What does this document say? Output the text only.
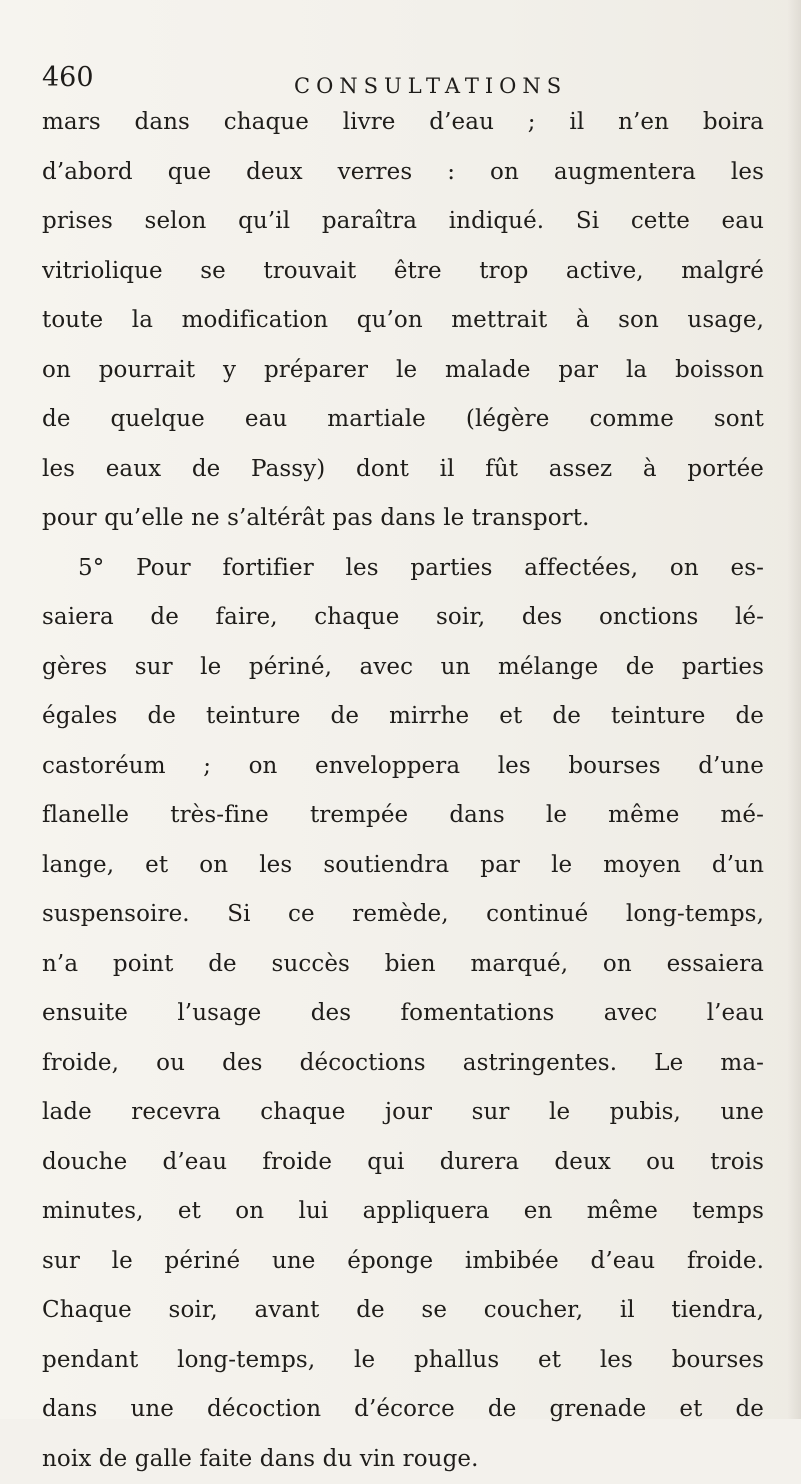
460	CONSULTATIONS
mars dans chaque livre d’eau ; il n’en boira
d’abord que deux verres : on augmentera les
prises selon qu’il paraîtra indiqué. Si cette eau
vitriolique se trouvait être trop active, malgré
toute la modification qu’on mettrait à son usage,
on pourrait y préparer le malade par la boisson
de quelque eau martiale (légère comme sont
les eaux de Passy) dont il fût assez à portée
pour qu’elle ne s’altérât pas dans le transport.
5° Pour fortifier les parties affectées, on es-
saiera de faire, chaque soir, des onctions lé-
gères sur le périné, avec un mélange de parties
égales de teinture de mirrhe et de teinture de
castoréum ; on enveloppera les bourses d’une
flanelle très-fine trempée dans le même mé-
lange, et on les soutiendra par le moyen d’un
suspensoire. Si ce remède, continué long-temps,
n’a point de succès bien marqué, on essaiera
ensuite l’usage des fomentations avec l’eau
froide, ou des décoctions astringentes. Le ma-
lade recevra chaque jour sur le pubis, une
douche d’eau froide qui durera deux ou trois
minutes, et on lui appliquera en même temps
sur le périné une éponge imbibée d’eau froide.
Chaque soir, avant de se coucher, il tiendra,
pendant long-temps, le phallus et les bourses
dans une décoction d’écorce de grenade et de
noix de galle faite dans du vin rouge.
